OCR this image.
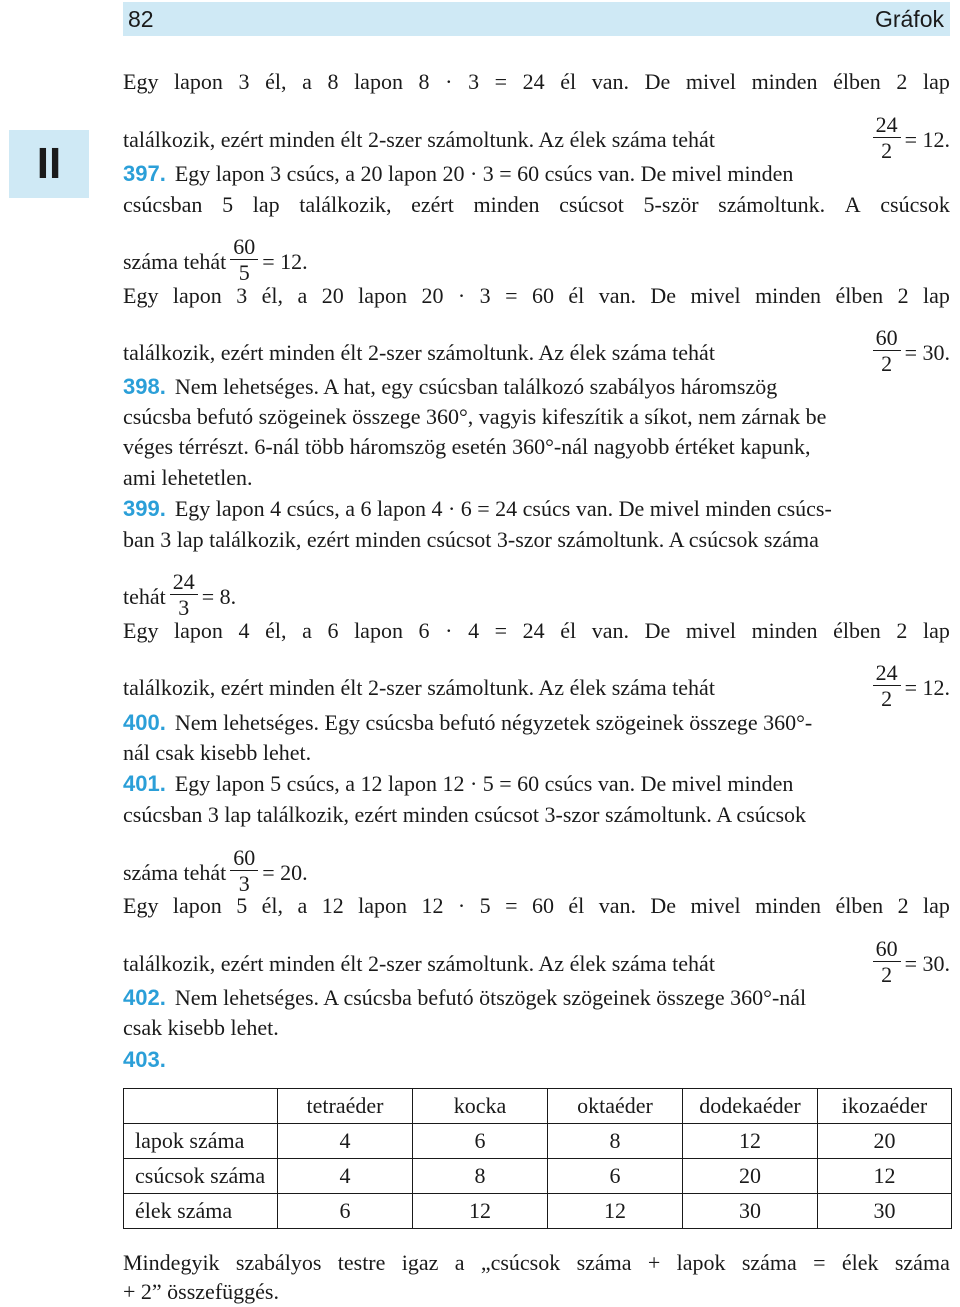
82	Gráfok
II
Egy lapon 3 él, a 8 lapon 8 · 3 = 24 él van. De mivel minden élben 2 lap
találkozik, ezért minden élt 2-szer számoltunk. Az élek száma tehát	$\frac{24}{2} = 12$.
397. Egy lapon 3 csúcs, a 20 lapon 20 · 3 = 60 csúcs van. De mivel minden
csúcsban 5 lap találkozik, ezért minden csúcsot 5-ször számoltunk. A csúcsok
száma tehát $\frac{60}{5} = 12$.
Egy lapon 3 él, a 20 lapon 20 · 3 = 60 él van. De mivel minden élben 2 lap
találkozik, ezért minden élt 2-szer számoltunk. Az élek száma tehát	$\frac{60}{2} = 30$.
398. Nem lehetséges. A hat, egy csúcsban találkozó szabályos háromszög
csúcsba befutó szögeinek összege 360°, vagyis kifeszítik a síkot, nem zárnak be
véges térrészt. 6-nál több háromszög esetén 360°-nál nagyobb értéket kapunk,
ami lehetetlen.
399. Egy lapon 4 csúcs, a 6 lapon 4 · 6 = 24 csúcs van. De mivel minden csúcs-
ban 3 lap találkozik, ezért minden csúcsot 3-szor számoltunk. A csúcsok száma
tehát $\frac{24}{3} = 8$.
Egy lapon 4 él, a 6 lapon 6 · 4 = 24 él van. De mivel minden élben 2 lap
találkozik, ezért minden élt 2-szer számoltunk. Az élek száma tehát	$\frac{24}{2} = 12$.
400. Nem lehetséges. Egy csúcsba befutó négyzetek szögeinek összege 360°-
nál csak kisebb lehet.
401. Egy lapon 5 csúcs, a 12 lapon 12 · 5 = 60 csúcs van. De mivel minden
csúcsban 3 lap találkozik, ezért minden csúcsot 3-szor számoltunk. A csúcsok
száma tehát $\frac{60}{3} = 20$.
Egy lapon 5 él, a 12 lapon 12 · 5 = 60 él van. De mivel minden élben 2 lap
találkozik, ezért minden élt 2-szer számoltunk. Az élek száma tehát	$\frac{60}{2} = 30$.
402. Nem lehetséges. A csúcsba befutó ötszögek szögeinek összege 360°-nál
csak kisebb lehet.
403.
Mindegyik szabályos testre igaz a „csúcsok száma + lapok száma = élek száma
+ 2” összefüggés.
	tetraéder	kocka	oktaéder	dodekaéder	ikozaéder
lapok száma	4	6	8	12	20
csúcsok száma	4	8	6	20	12
élek száma	6	12	12	30	30
